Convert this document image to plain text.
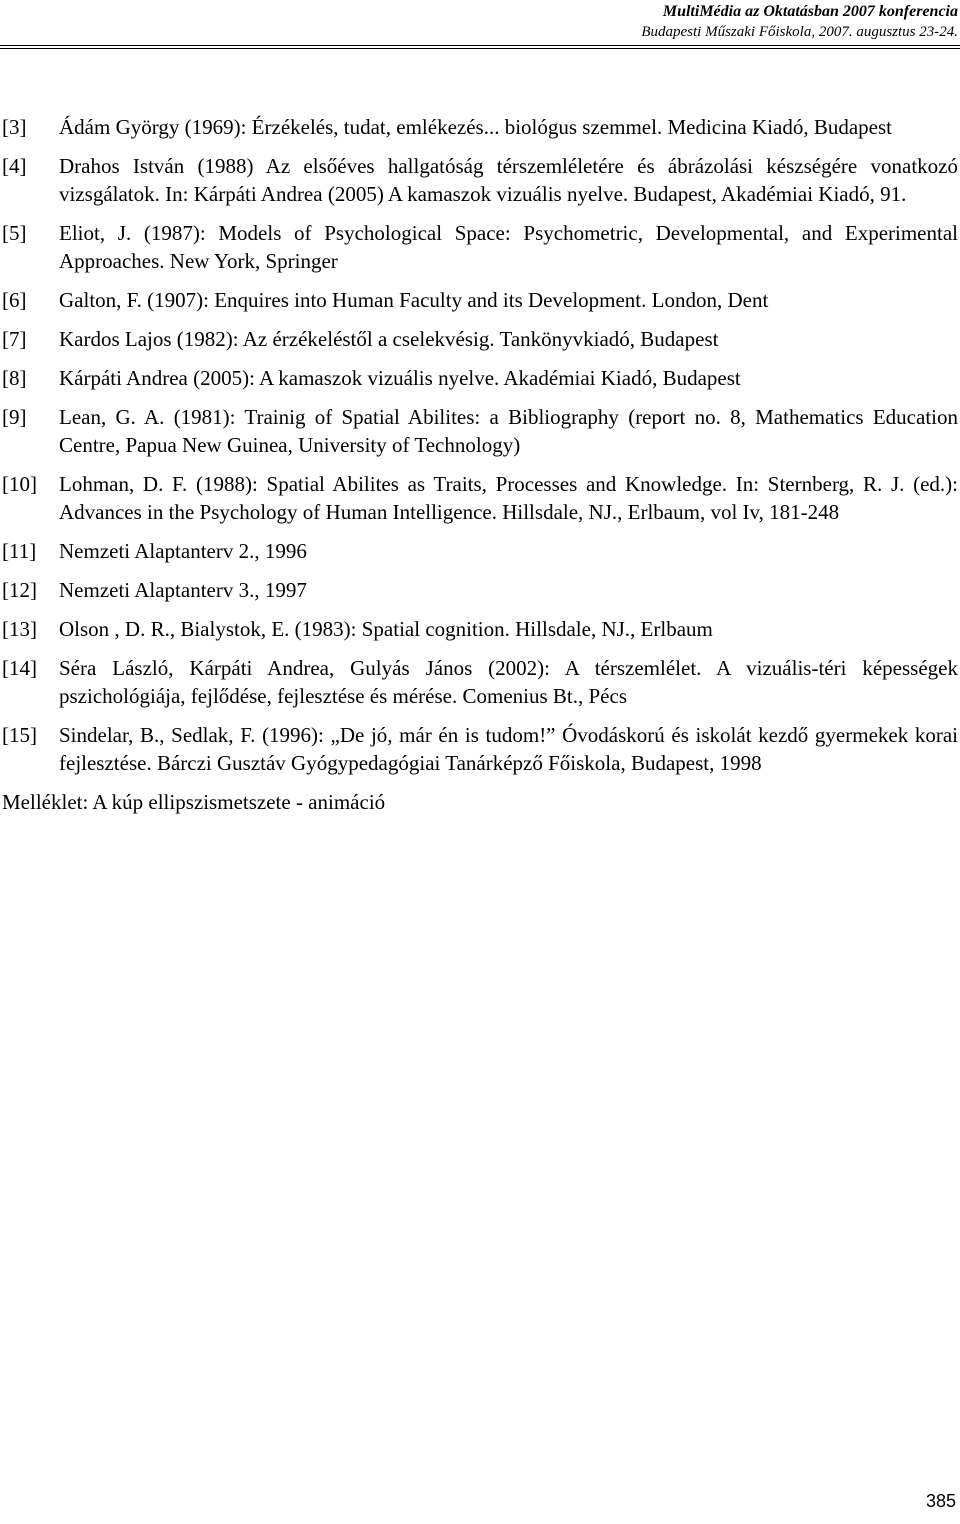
MultiMédia az Oktatásban 2007 konferencia
Budapesti Műszaki Főiskola, 2007. augusztus 23-24.
[3]	Ádám György (1969): Érzékelés, tudat, emlékezés... biológus szemmel. Medicina Kiadó, Budapest
[4]	Drahos István (1988) Az elsőéves hallgatóság térszemléletére és ábrázolási készségére vonatkozó vizsgálatok. In: Kárpáti Andrea (2005) A kamaszok vizuális nyelve. Budapest, Akadémiai Kiadó, 91.
[5]	Eliot, J. (1987): Models of Psychological Space: Psychometric, Developmental, and Experimental Approaches. New York, Springer
[6]	Galton, F. (1907): Enquires into Human Faculty and its Development. London, Dent
[7]	Kardos Lajos (1982): Az érzékeléstől a cselekvésig. Tankönyvkiadó, Budapest
[8]	Kárpáti Andrea (2005): A kamaszok vizuális nyelve. Akadémiai Kiadó, Budapest
[9]	Lean, G. A. (1981): Trainig of Spatial Abilites: a Bibliography (report no. 8, Mathematics Education Centre, Papua New Guinea, University of Technology)
[10]	Lohman, D. F. (1988): Spatial Abilites as Traits, Processes and Knowledge. In: Sternberg, R. J. (ed.): Advances in the Psychology of Human Intelligence. Hillsdale, NJ., Erlbaum, vol Iv, 181-248
[11]	Nemzeti Alaptanterv 2., 1996
[12]	Nemzeti Alaptanterv 3., 1997
[13]	Olson , D. R., Bialystok, E. (1983): Spatial cognition. Hillsdale, NJ., Erlbaum
[14]	Séra László, Kárpáti Andrea, Gulyás János (2002): A térszemlélet. A vizuális-téri képességek pszichológiája, fejlődése, fejlesztése és mérése. Comenius Bt., Pécs
[15]	Sindelar, B., Sedlak, F. (1996): „De jó, már én is tudom!” Óvodáskorú és iskolát kezdő gyermekek korai fejlesztése. Bárczi Gusztáv Gyógypedagógiai Tanárképző Főiskola, Budapest, 1998
Melléklet: A kúp ellipszismetszete - animáció
385
